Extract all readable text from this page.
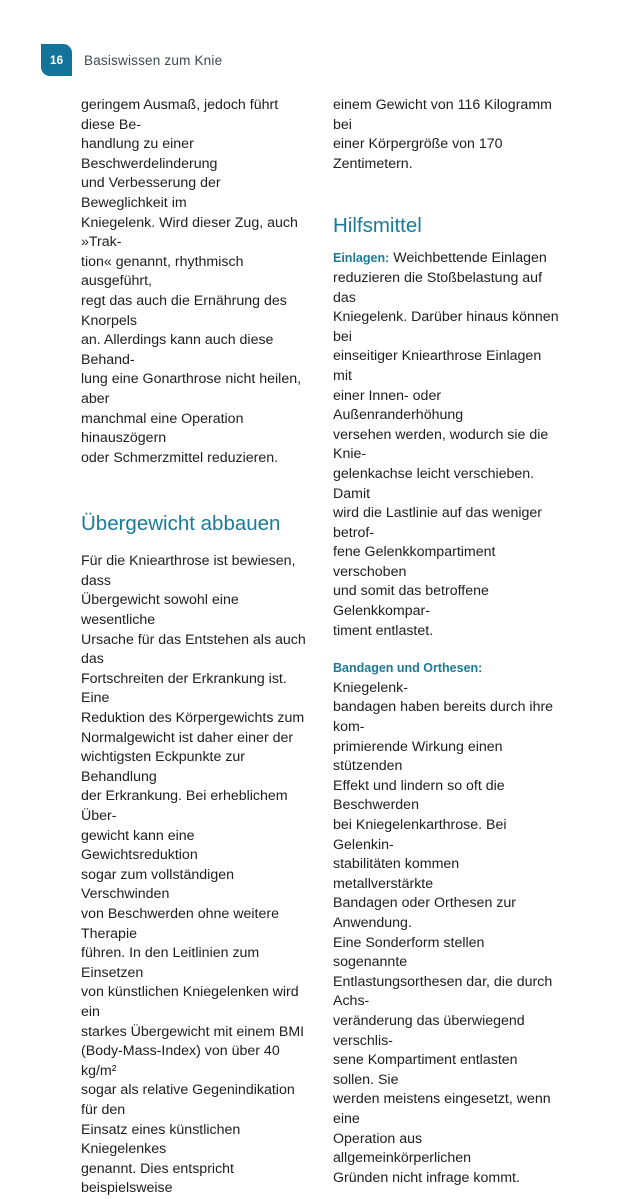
16	Basiswissen zum Knie

geringem Ausmaß, jedoch führt diese Be-
handlung zu einer Beschwerdelinderung
und Verbesserung der Beweglichkeit im
Kniegelenk. Wird dieser Zug, auch »Trak-
tion« genannt, rhythmisch ausgeführt,
regt das auch die Ernährung des Knorpels
an. Allerdings kann auch diese Behand-
lung eine Gonarthrose nicht heilen, aber
manchmal eine Operation hinauszögern
oder Schmerzmittel reduzieren.

Übergewicht abbauen

Für die Kniearthrose ist bewiesen, dass
Übergewicht sowohl eine wesentliche
Ursache für das Entstehen als auch das
Fortschreiten der Erkrankung ist. Eine
Reduktion des Körpergewichts zum
Normalgewicht ist daher einer der
wichtigsten Eckpunkte zur Behandlung
der Erkrankung. Bei erheblichem Über-
gewicht kann eine Gewichtsreduktion
sogar zum vollständigen Verschwinden
von Beschwerden ohne weitere Therapie
führen. In den Leitlinien zum Einsetzen
von künstlichen Kniegelenken wird ein
starkes Übergewicht mit einem BMI
(Body-Mass-Index) von über 40 kg/m²
sogar als relative Gegenindikation für den
Einsatz eines künstlichen Kniegelenkes
genannt. Dies entspricht beispielsweise

einem Gewicht von 116 Kilogramm bei
einer Körpergröße von 170 Zentimetern.

Hilfsmittel

Einlagen: Weichbettende Einlagen
reduzieren die Stoßbelastung auf das
Kniegelenk. Darüber hinaus können bei
einseitiger Kniearthrose Einlagen mit
einer Innen- oder Außenranderhöhung
versehen werden, wodurch sie die Knie-
gelenkachse leicht verschieben. Damit
wird die Lastlinie auf das weniger betrof-
fene Gelenkkompartiment verschoben
und somit das betroffene Gelenkkompar-
timent entlastet.

Bandagen und Orthesen: Kniegelenk-
bandagen haben bereits durch ihre kom-
primierende Wirkung einen stützenden
Effekt und lindern so oft die Beschwerden
bei Kniegelenkarthrose. Bei Gelenkin-
stabilitäten kommen metallverstärkte
Bandagen oder Orthesen zur Anwendung.
Eine Sonderform stellen sogenannte
Entlastungsorthesen dar, die durch Achs-
veränderung das überwiegend verschlis-
sene Kompartiment entlasten sollen. Sie
werden meistens eingesetzt, wenn eine
Operation aus allgemeinkörperlichen
Gründen nicht infrage kommt.
